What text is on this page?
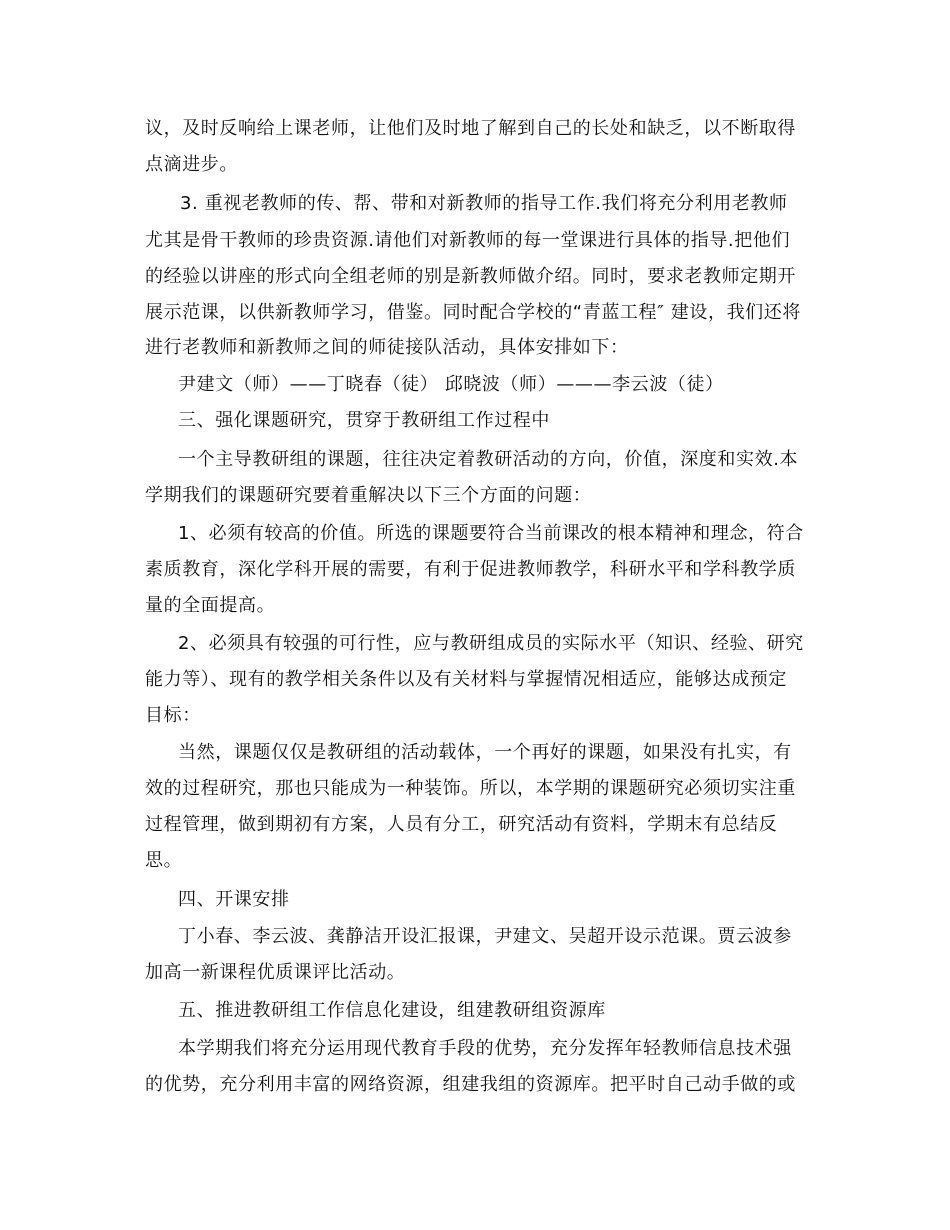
议，及时反响给上课老师，让他们及时地了解到自己的长处和缺乏，以不断取得
点滴进步。
3. 重视老教师的传、帮、带和对新教师的指导工作.我们将充分利用老教师
尤其是骨干教师的珍贵资源.请他们对新教师的每一堂课进行具体的指导.把他们
的经验以讲座的形式向全组老师的别是新教师做介绍。同时，要求老教师定期开
展示范课，以供新教师学习，借鉴。同时配合学校的“青蓝工程″ 建设，我们还将
进行老教师和新教师之间的师徒接队活动，具体安排如下：
尹建文（师）——丁晓春（徒） 邱晓波（师）———李云波（徒）
三、强化课题研究，贯穿于教研组工作过程中
一个主导教研组的课题，往往决定着教研活动的方向，价值，深度和实效.本
学期我们的课题研究要着重解决以下三个方面的问题：
1、必须有较高的价值。所选的课题要符合当前课改的根本精神和理念，符合
素质教育，深化学科开展的需要，有利于促进教师教学，科研水平和学科教学质
量的全面提高。
2、必须具有较强的可行性，应与教研组成员的实际水平（知识、经验、研究
能力等）、现有的教学相关条件以及有关材料与掌握情况相适应，能够达成预定
目标：
当然，课题仅仅是教研组的活动载体，一个再好的课题，如果没有扎实，有
效的过程研究，那也只能成为一种装饰。所以，本学期的课题研究必须切实注重
过程管理，做到期初有方案，人员有分工，研究活动有资料，学期末有总结反
思。
四、开课安排
丁小春、李云波、龚静洁开设汇报课，尹建文、吴超开设示范课。贾云波参
加高一新课程优质课评比活动。
五、推进教研组工作信息化建设，组建教研组资源库
本学期我们将充分运用现代教育手段的优势，充分发挥年轻教师信息技术强
的优势，充分利用丰富的网络资源，组建我组的资源库。把平时自己动手做的或
